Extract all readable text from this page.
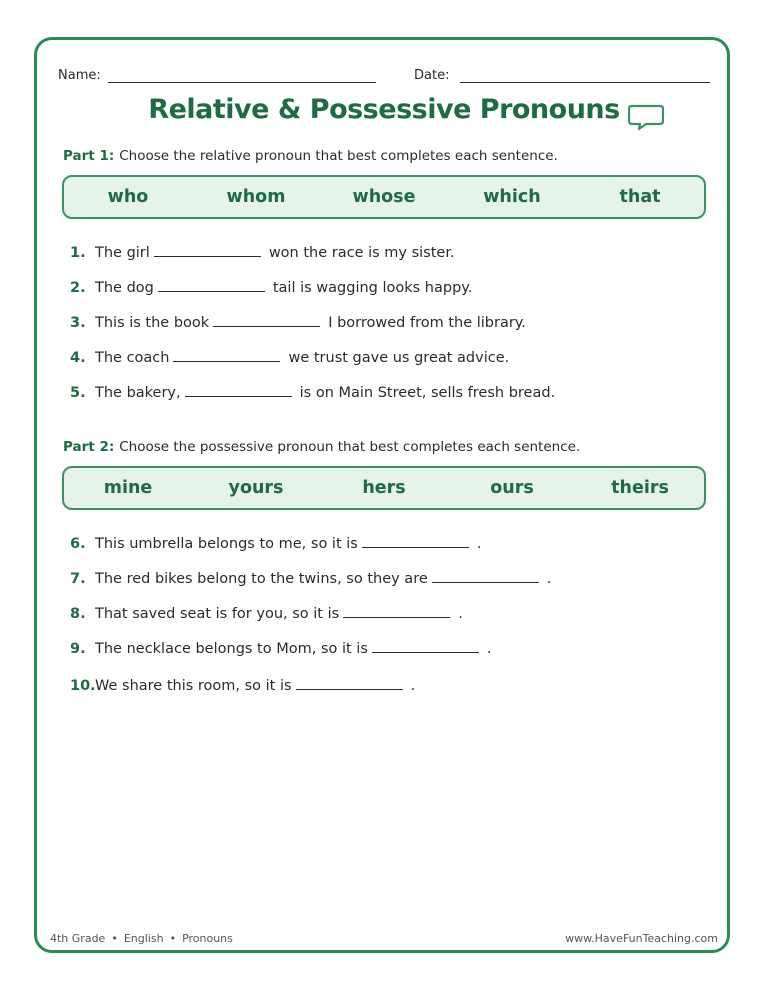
Name:	Date:
Relative & Possessive Pronouns
Part 1: Choose the relative pronoun that best completes each sentence.
who	whom	whose	which	that
1. The girl	won the race is my sister.
2. The dog	tail is wagging looks happy.
3. This is the book	I borrowed from the library.
4. The coach	we trust gave us great advice.
5. The bakery,	is on Main Street, sells fresh bread.
Part 2: Choose the possessive pronoun that best completes each sentence.
mine	yours	hers	ours	theirs
6. This umbrella belongs to me, so it is	.
7. The red bikes belong to the twins, so they are	.
8. That saved seat is for you, so it is	.
9. The necklace belongs to Mom, so it is	.
10.We share this room, so it is	.
4th Grade • English • Pronouns	www.HaveFunTeaching.com
